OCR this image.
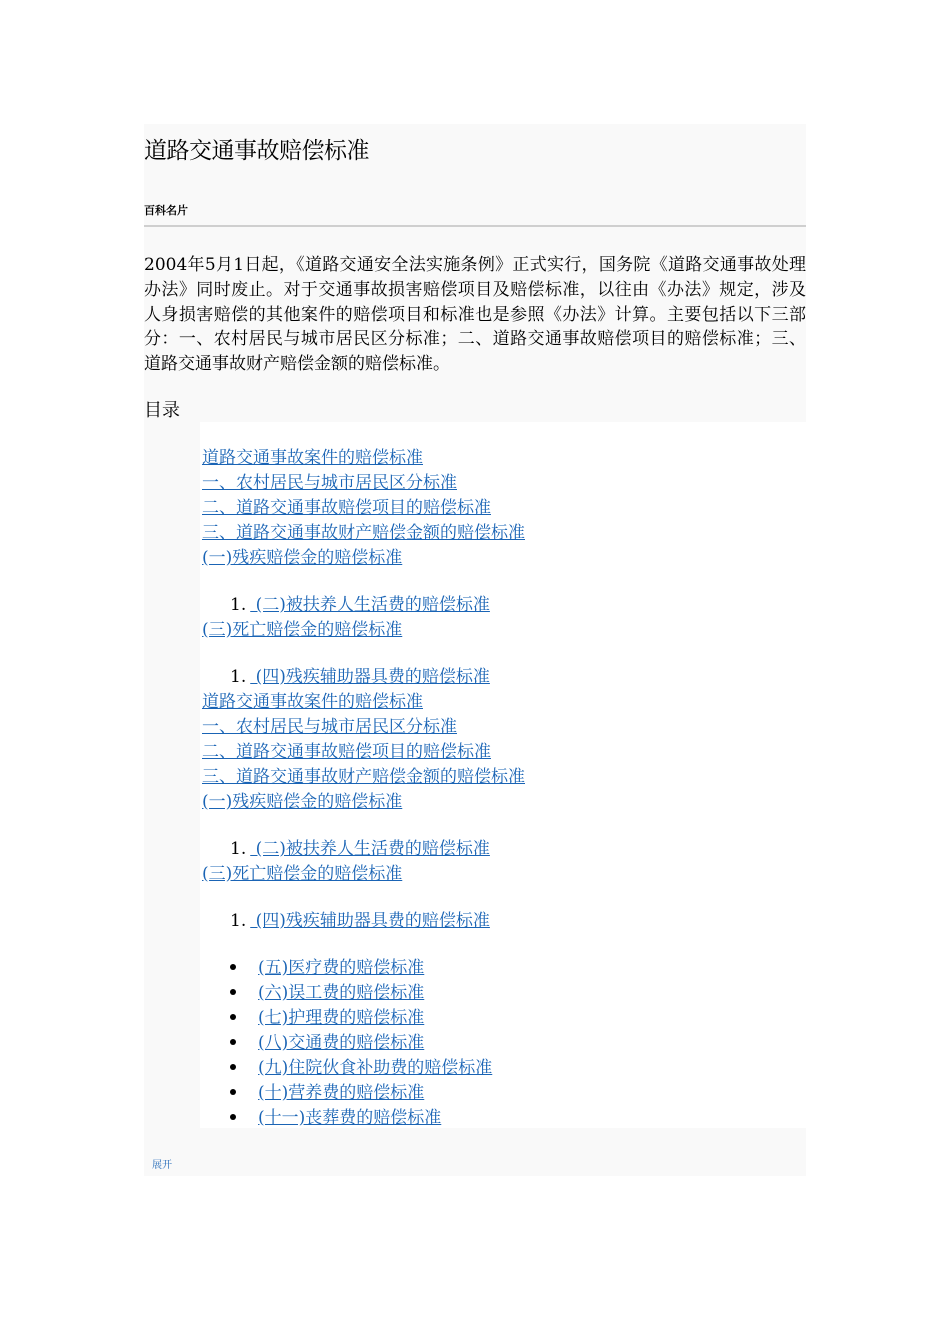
道路交通事故赔偿标准
百科名片
2004年5月1日起，《道路交通安全法实施条例》正式实行，国务院《道路交通事故处理办法》同时废止。对于交通事故损害赔偿项目及赔偿标准，以往由《办法》规定，涉及人身损害赔偿的其他案件的赔偿项目和标准也是参照《办法》计算。主要包括以下三部分：一、农村居民与城市居民区分标准；二、道路交通事故赔偿项目的赔偿标准；三、道路交通事故财产赔偿金额的赔偿标准。
目录
道路交通事故案件的赔偿标准
一、农村居民与城市居民区分标准
二、道路交通事故赔偿项目的赔偿标准
三、道路交通事故财产赔偿金额的赔偿标准
(一)残疾赔偿金的赔偿标准
1. (二)被扶养人生活费的赔偿标准
(三)死亡赔偿金的赔偿标准
1. (四)残疾辅助器具费的赔偿标准
道路交通事故案件的赔偿标准
一、农村居民与城市居民区分标准
二、道路交通事故赔偿项目的赔偿标准
三、道路交通事故财产赔偿金额的赔偿标准
(一)残疾赔偿金的赔偿标准
1. (二)被扶养人生活费的赔偿标准
(三)死亡赔偿金的赔偿标准
1. (四)残疾辅助器具费的赔偿标准
(五)医疗费的赔偿标准
(六)误工费的赔偿标准
(七)护理费的赔偿标准
(八)交通费的赔偿标准
(九)住院伙食补助费的赔偿标准
(十)营养费的赔偿标准
(十一)丧葬费的赔偿标准
展开
